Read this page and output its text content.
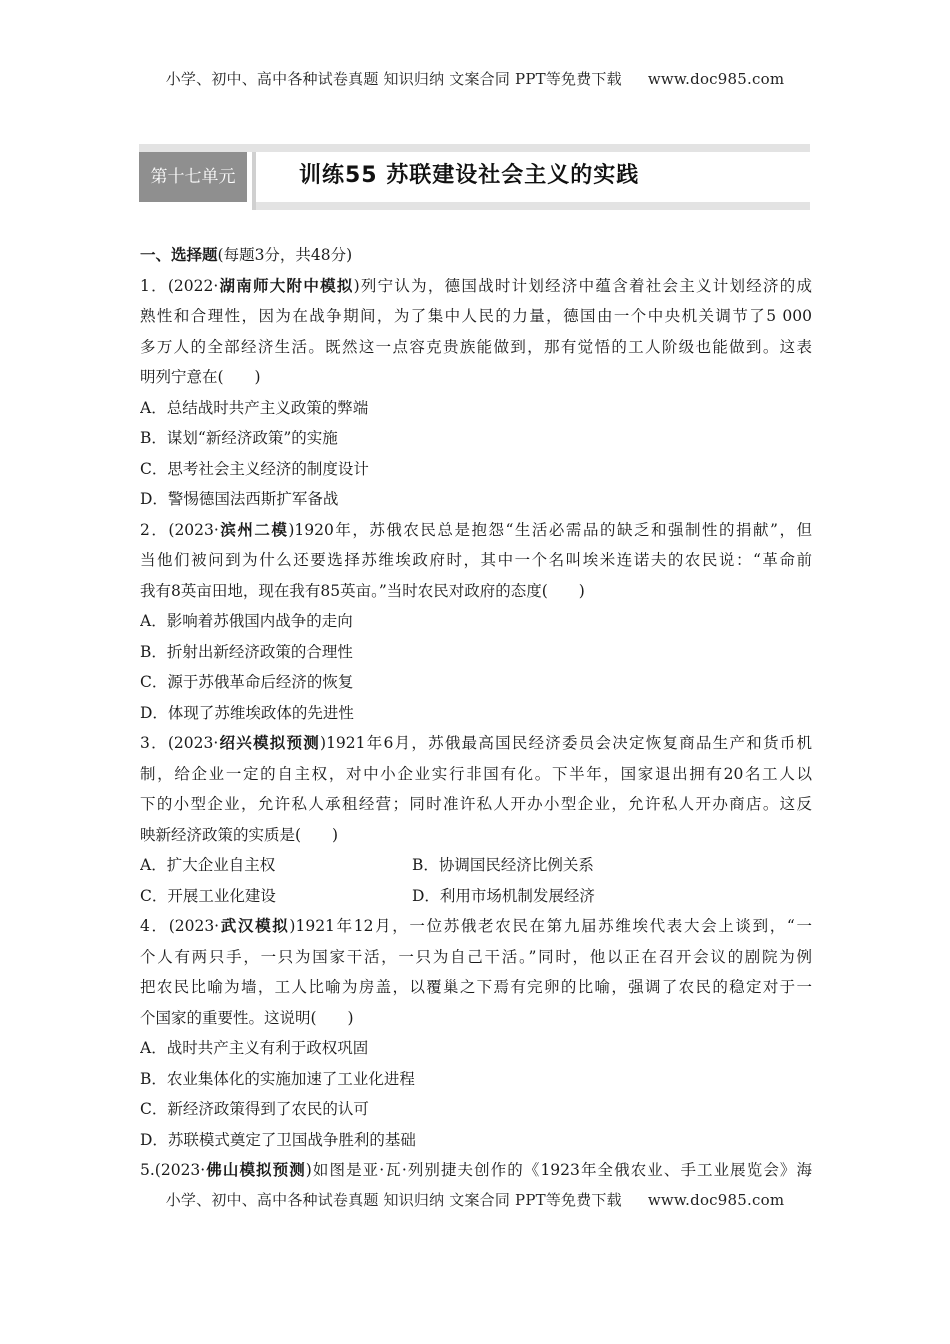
小学、初中、高中各种试卷真题 知识归纳 文案合同 PPT等免费下载 www.doc985.com
第十七单元	训练55 苏联建设社会主义的实践
一、选择题(每题3分，共48分)
1．(2022·湖南师大附中模拟)列宁认为，德国战时计划经济中蕴含着社会主义计划经济的成
熟性和合理性，因为在战争期间，为了集中人民的力量，德国由一个中央机关调节了5 000
多万人的全部经济生活。既然这一点容克贵族能做到，那有觉悟的工人阶级也能做到。这表
明列宁意在(　　)
A．总结战时共产主义政策的弊端
B．谋划“新经济政策”的实施
C．思考社会主义经济的制度设计
D．警惕德国法西斯扩军备战
2．(2023·滨州二模)1920年，苏俄农民总是抱怨“生活必需品的缺乏和强制性的捐献”，但
当他们被问到为什么还要选择苏维埃政府时，其中一个名叫埃米连诺夫的农民说：“革命前
我有8英亩田地，现在我有85英亩。”当时农民对政府的态度(　　)
A．影响着苏俄国内战争的走向
B．折射出新经济政策的合理性
C．源于苏俄革命后经济的恢复
D．体现了苏维埃政体的先进性
3．(2023·绍兴模拟预测)1921年6月，苏俄最高国民经济委员会决定恢复商品生产和货币机
制，给企业一定的自主权，对中小企业实行非国有化。下半年，国家退出拥有20名工人以
下的小型企业，允许私人承租经营；同时准许私人开办小型企业，允许私人开办商店。这反
映新经济政策的实质是(　　)
A．扩大企业自主权	B．协调国民经济比例关系
C．开展工业化建设	D．利用市场机制发展经济
4．(2023·武汉模拟)1921年12月，一位苏俄老农民在第九届苏维埃代表大会上谈到，“一
个人有两只手，一只为国家干活，一只为自己干活。”同时，他以正在召开会议的剧院为例
把农民比喻为墙，工人比喻为房盖，以覆巢之下焉有完卵的比喻，强调了农民的稳定对于一
个国家的重要性。这说明(　　)
A．战时共产主义有利于政权巩固
B．农业集体化的实施加速了工业化进程
C．新经济政策得到了农民的认可
D．苏联模式奠定了卫国战争胜利的基础
5.(2023·佛山模拟预测)如图是亚·瓦·列别捷夫创作的《1923年全俄农业、手工业展览会》海
小学、初中、高中各种试卷真题 知识归纳 文案合同 PPT等免费下载 www.doc985.com
